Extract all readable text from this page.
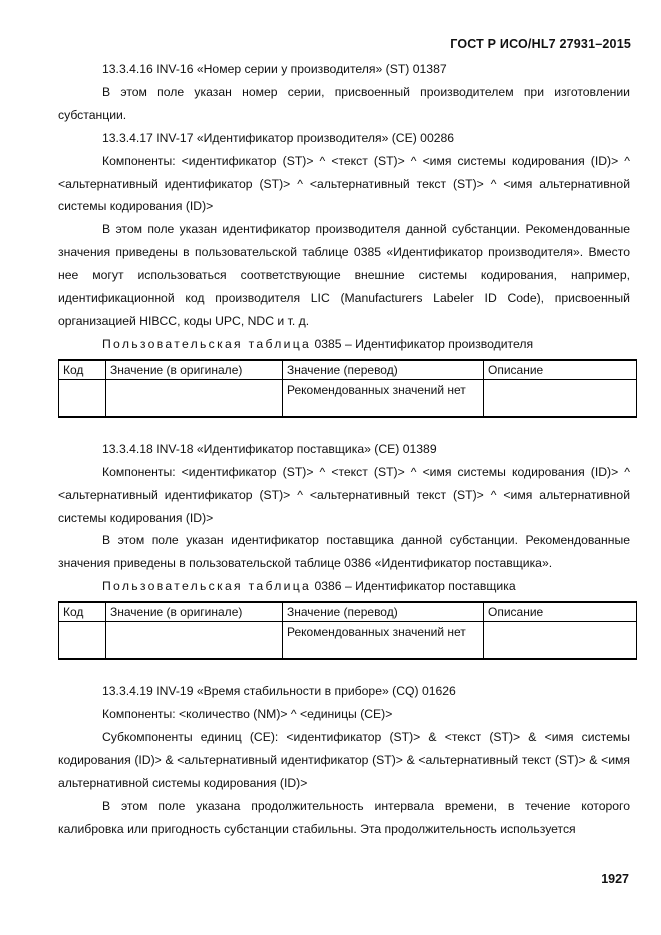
ГОСТ Р ИСО/HL7 27931–2015

13.3.4.16 INV-16 «Номер серии у производителя» (ST) 01387

В этом поле указан номер серии, присвоенный производителем при изготовлении субстанции.

13.3.4.17 INV-17 «Идентификатор производителя» (CE) 00286

Компоненты: <идентификатор (ST)> ^ <текст (ST)> ^ <имя системы кодирования (ID)> ^ <альтернативный идентификатор (ST)> ^ <альтернативный текст (ST)> ^ <имя альтернативной системы кодирования (ID)>

В этом поле указан идентификатор производителя данной субстанции. Рекомендованные значения приведены в пользовательской таблице 0385 «Идентификатор производителя». Вместо нее могут использоваться соответствующие внешние системы кодирования, например, идентификационной код производителя LIC (Manufacturers Labeler ID Code), присвоенный организацией HIBCC, коды UPC, NDC и т. д.

Пользовательская таблица 0385 – Идентификатор производителя

Код	Значение (в оригинале)	Значение (перевод)	Описание
		Рекомендованных значений нет	

13.3.4.18 INV-18 «Идентификатор поставщика» (CE) 01389

Компоненты: <идентификатор (ST)> ^ <текст (ST)> ^ <имя системы кодирования (ID)> ^ <альтернативный идентификатор (ST)> ^ <альтернативный текст (ST)> ^ <имя альтернативной системы кодирования (ID)>

В этом поле указан идентификатор поставщика данной субстанции. Рекомендованные значения приведены в пользовательской таблице 0386 «Идентификатор поставщика».

Пользовательская таблица 0386 – Идентификатор поставщика

Код	Значение (в оригинале)	Значение (перевод)	Описание
		Рекомендованных значений нет	

13.3.4.19 INV-19 «Время стабильности в приборе» (CQ) 01626

Компоненты: <количество (NM)> ^ <единицы (CE)>

Субкомпоненты единиц (CE): <идентификатор (ST)> & <текст (ST)> & <имя системы кодирования (ID)> & <альтернативный идентификатор (ST)> & <альтернативный текст (ST)> & <имя альтернативной системы кодирования (ID)>

В этом поле указана продолжительность интервала времени, в течение которого калибровка или пригодность субстанции стабильны. Эта продолжительность используется

1927
